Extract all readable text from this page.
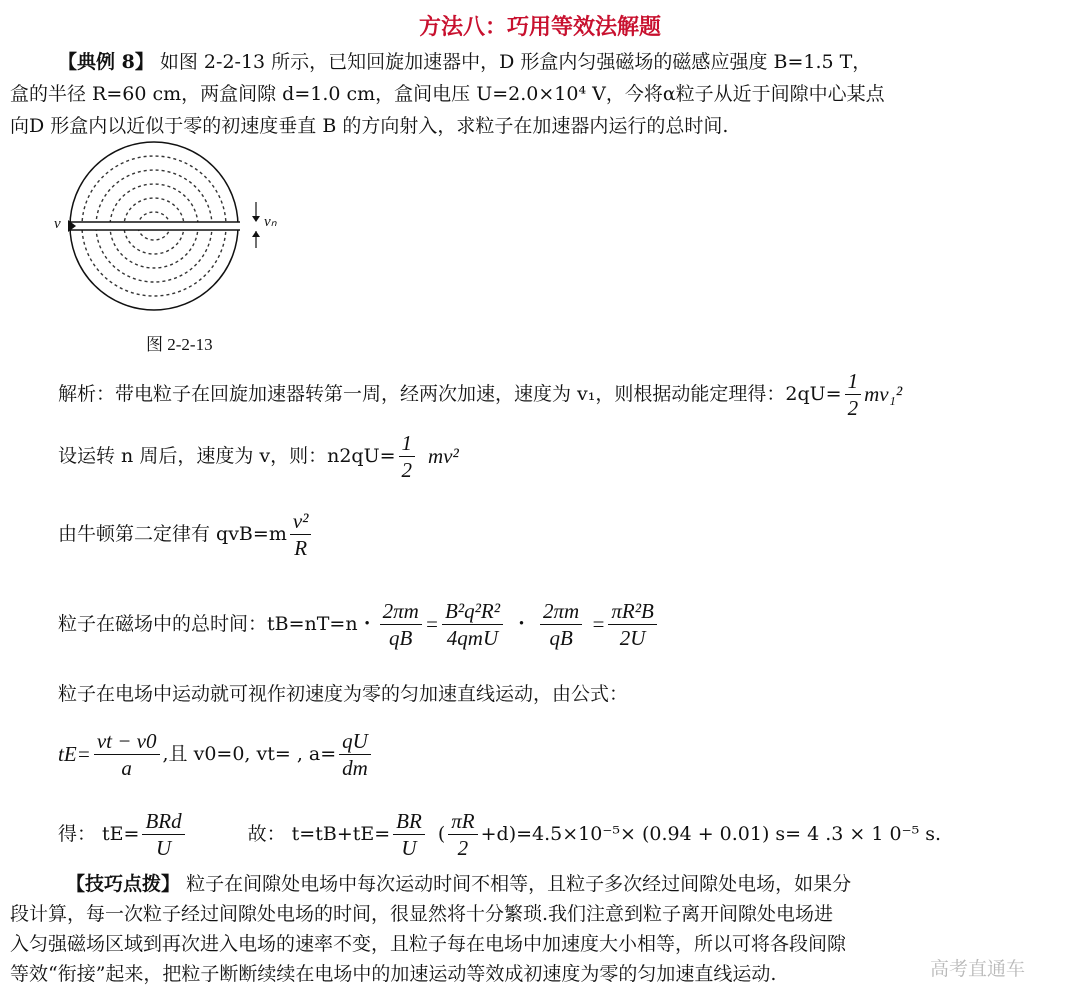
方法八：巧用等效法解题
【典例 8】 如图 2-2-13 所示，已知回旋加速器中，D 形盒内匀强磁场的磁感应强度 B=1.5 T，
盒的半径 R=60 cm，两盒间隙 d=1.0 cm，盒间电压 U=2.0×10⁴ V，今将α粒子从近于间隙中心某点
向D 形盒内以近似于零的初速度垂直 B 的方向射入，求粒子在加速器内运行的总时间.
v	vₙ
图 2-2-13
解析：带电粒子在回旋加速器转第一周，经两次加速，速度为 v₁，则根据动能定理得：$2qU= \frac{1}{2} mv_1^2$
设运转 n 周后，速度为 v，则：$n2qU= \frac{1}{2} mv^2$
由牛顿第二定律有 $qvB=m \frac{\text{v²}}{R}$
粒子在磁场中的总时间：tB=nT=n・ $\frac{2\pi m}{qB} = \frac{\text{B²q²R²}}{\text{4qmU}}$ ・ $\frac{2\pi m}{qB} = \frac{\text{πR²B}}{2U}$
粒子在电场中运动就可视作初速度为零的匀加速直线运动，由公式：
$tE= \frac{vt - v0}{a}$ ,且 v0=0, vt= , $a= \frac{qU}{dm}$
得： $tE= \frac{\text{BRd}}{U}$	故： $t=tB+tE= \frac{BR}{U}$ ( $\frac{\pi R}{2} +d)=4.5\times 10^{-5}\times (0.94 + 0.01)$ s= 4 .3 × 1 0⁻⁵ s.
【技巧点拨】 粒子在间隙处电场中每次运动时间不相等，且粒子多次经过间隙处电场，如果分
段计算，每一次粒子经过间隙处电场的时间，很显然将十分繁琐.我们注意到粒子离开间隙处电场进
入匀强磁场区域到再次进入电场的速率不变，且粒子每在电场中加速度大小相等，所以可将各段间隙
等效“衔接”起来，把粒子断断续续在电场中的加速运动等效成初速度为零的匀加速直线运动.	高考直通车
